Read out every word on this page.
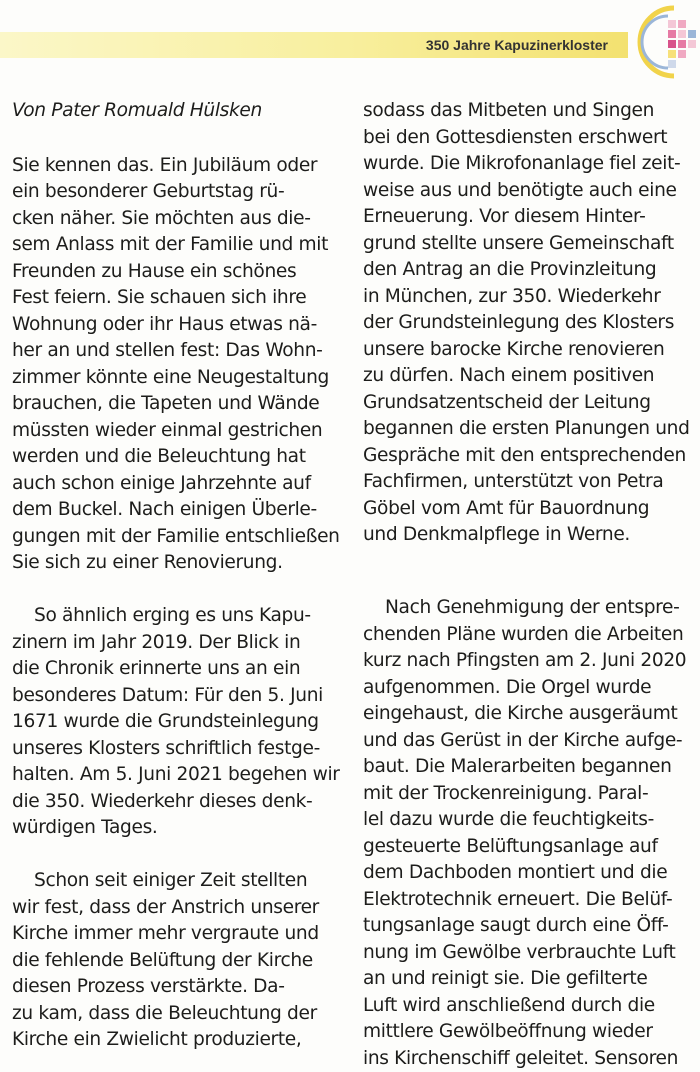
350 Jahre Kapuzinerkloster
Von Pater Romuald Hülsken

Sie kennen das. Ein Jubiläum oder
ein besonderer Geburtstag rü-
cken näher. Sie möchten aus die-
sem Anlass mit der Familie und mit
Freunden zu Hause ein schönes
Fest feiern. Sie schauen sich ihre
Wohnung oder ihr Haus etwas nä-
her an und stellen fest: Das Wohn-
zimmer könnte eine Neugestaltung
brauchen, die Tapeten und Wände
müssten wieder einmal gestrichen
werden und die Beleuchtung hat
auch schon einige Jahrzehnte auf
dem Buckel. Nach einigen Überle-
gungen mit der Familie entschließen
Sie sich zu einer Renovierung.

So ähnlich erging es uns Kapu-
zinern im Jahr 2019. Der Blick in
die Chronik erinnerte uns an ein
besonderes Datum: Für den 5. Juni
1671 wurde die Grundsteinlegung
unseres Klosters schriftlich festge-
halten. Am 5. Juni 2021 begehen wir
die 350. Wiederkehr dieses denk-
würdigen Tages.

Schon seit einiger Zeit stellten
wir fest, dass der Anstrich unserer
Kirche immer mehr vergraute und
die fehlende Belüftung der Kirche
diesen Prozess verstärkte. Da-
zu kam, dass die Beleuchtung der
Kirche ein Zwielicht produzierte,

sodass das Mitbeten und Singen
bei den Gottesdiensten erschwert
wurde. Die Mikrofonanlage fiel zeit-
weise aus und benötigte auch eine
Erneuerung. Vor diesem Hinter-
grund stellte unsere Gemeinschaft
den Antrag an die Provinzleitung
in München, zur 350. Wiederkehr
der Grundsteinlegung des Klosters
unsere barocke Kirche renovieren
zu dürfen. Nach einem positiven
Grundsatzentscheid der Leitung
begannen die ersten Planungen und
Gespräche mit den entsprechenden
Fachfirmen, unterstützt von Petra
Göbel vom Amt für Bauordnung
und Denkmalpflege in Werne.

Nach Genehmigung der entspre-
chenden Pläne wurden die Arbeiten
kurz nach Pfingsten am 2. Juni 2020
aufgenommen. Die Orgel wurde
eingehaust, die Kirche ausgeräumt
und das Gerüst in der Kirche aufge-
baut. Die Malerarbeiten begannen
mit der Trockenreinigung. Paral-
lel dazu wurde die feuchtigkeits-
gesteuerte Belüftungsanlage auf
dem Dachboden montiert und die
Elektrotechnik erneuert. Die Belüf-
tungsanlage saugt durch eine Öff-
nung im Gewölbe verbrauchte Luft
an und reinigt sie. Die gefilterte
Luft wird anschließend durch die
mittlere Gewölbeöffnung wieder
ins Kirchenschiff geleitet. Sensoren
